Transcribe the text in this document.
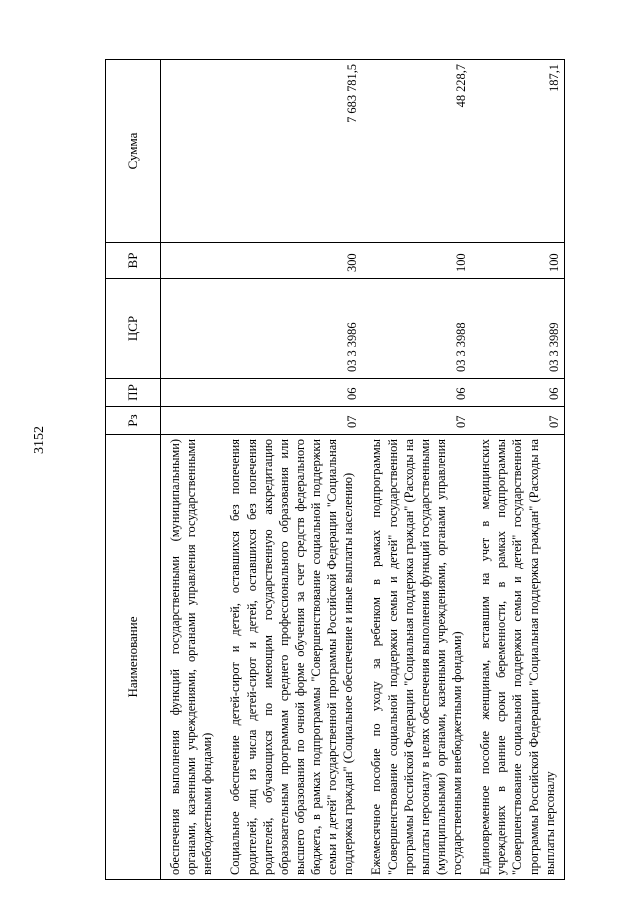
3152
Наименование	Рз	ПР	ЦСР	ВР	Сумма
обеспечения выполнения функций государственными (муниципальными) органами, казенными учреждениями, органами управления государственными внебюджетными фондами)					
Социальное обеспечение детей-сирот и детей, оставшихся без попечения родителей, лиц из числа детей-сирот и детей, оставшихся без попечения родителей, обучающихся по имеющим государственную аккредитацию образовательным программам среднего профессионального образования или высшего образования по очной форме обучения за счет средств федерального бюджета, в рамках подпрограммы "Совершенствование социальной поддержки семьи и детей" государственной программы Российской Федерации "Социальная поддержка граждан" (Социальное обеспечение и иные выплаты населению)	07	06	03 3 3986	300	7 683 781,5
Ежемесячное пособие по уходу за ребенком в рамках подпрограммы "Совершенствование социальной поддержки семьи и детей" государственной программы Российской Федерации "Социальная поддержка граждан" (Расходы на выплаты персоналу в целях обеспечения выполнения функций государственными (муниципальными) органами, казенными учреждениями, органами управления государственными внебюджетными фондами)	07	06	03 3 3988	100	48 228,7
Единовременное пособие женщинам, вставшим на учет в медицинских учреждениях в ранние сроки беременности, в рамках подпрограммы "Совершенствование социальной поддержки семьи и детей" государственной программы Российской Федерации "Социальная поддержка граждан" (Расходы на выплаты персоналу	07	06	03 3 3989	100	187,1
